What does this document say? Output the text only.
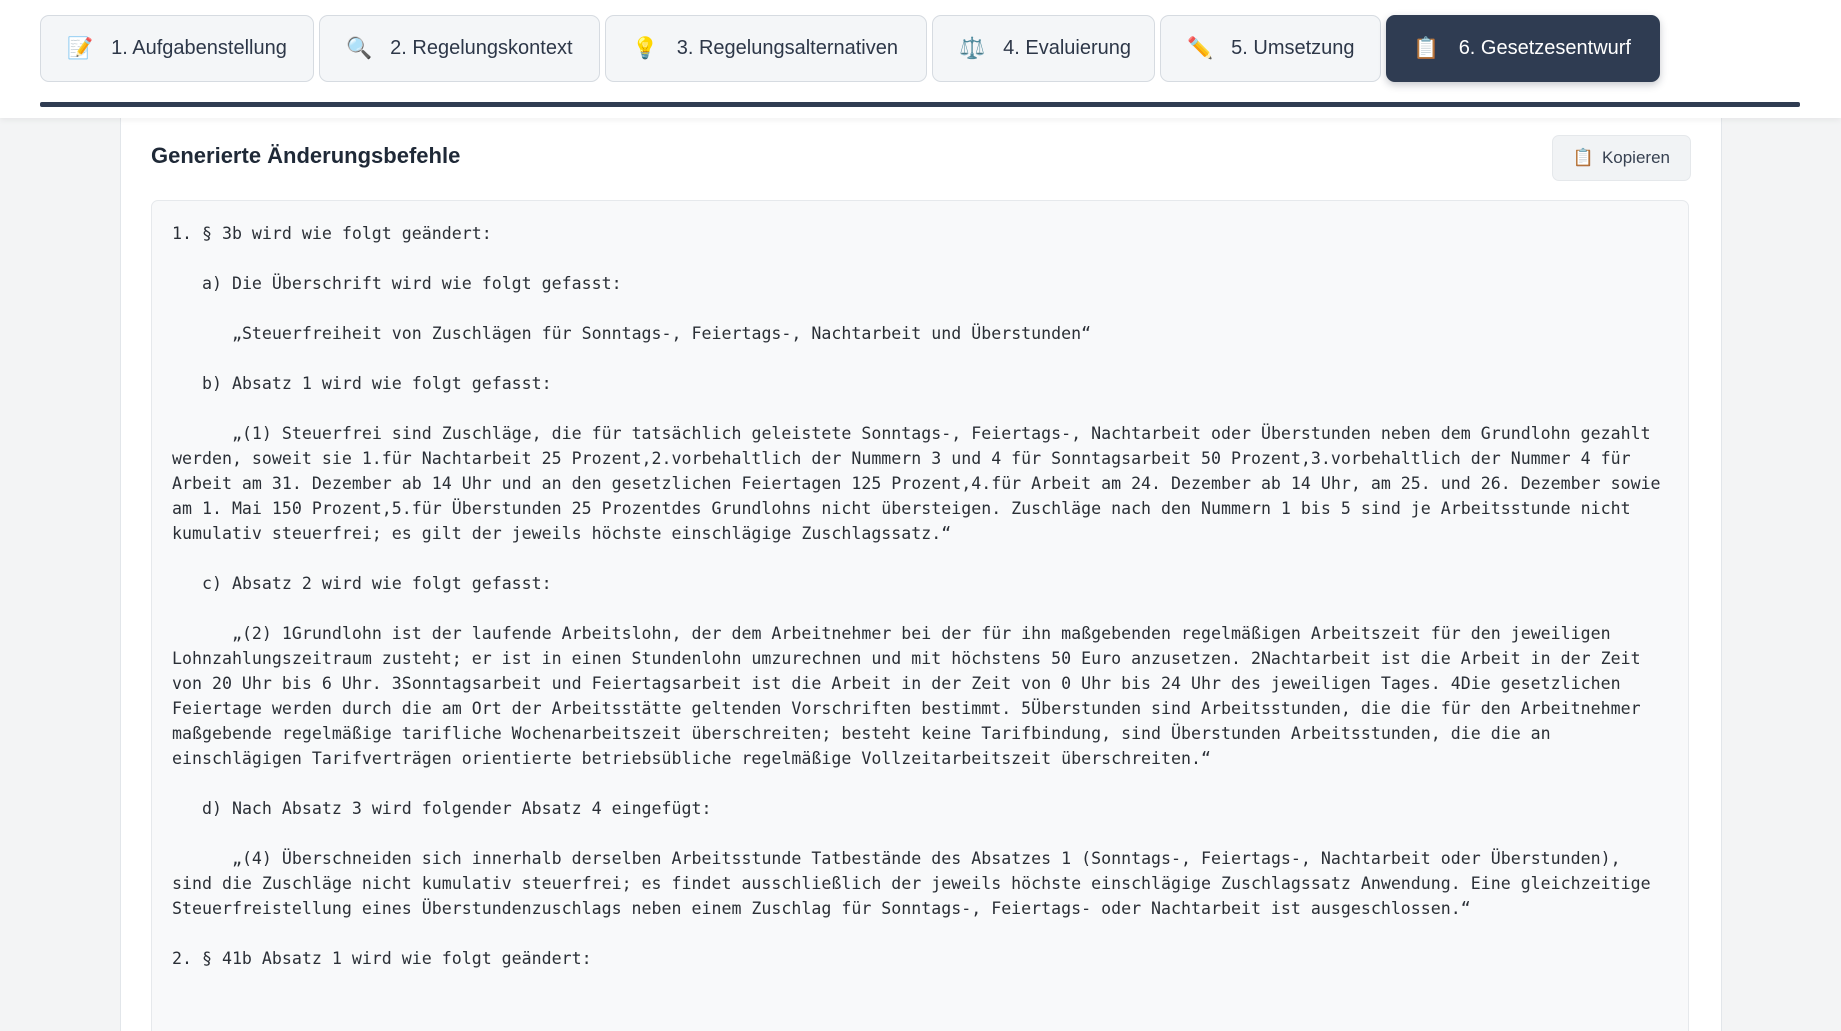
📝 1. Aufgabenstellung	🔍 2. Regelungskontext	💡 3. Regelungsalternativen	⚖️ 4. Evaluierung	✏️ 5. Umsetzung	📋 6. Gesetzesentwurf
Generierte Änderungsbefehle	📋 Kopieren
1. § 3b wird wie folgt geändert:

a) Die Überschrift wird wie folgt gefasst:

„Steuerfreiheit von Zuschlägen für Sonntags-, Feiertags-, Nachtarbeit und Überstunden“

b) Absatz 1 wird wie folgt gefasst:

„(1) Steuerfrei sind Zuschläge, die für tatsächlich geleistete Sonntags-, Feiertags-, Nachtarbeit oder Überstunden neben dem Grundlohn gezahlt werden, soweit sie 1.für Nachtarbeit 25 Prozent,2.vorbehaltlich der Nummern 3 und 4 für Sonntagsarbeit 50 Prozent,3.vorbehaltlich der Nummer 4 für Arbeit am 31. Dezember ab 14 Uhr und an den gesetzlichen Feiertagen 125 Prozent,4.für Arbeit am 24. Dezember ab 14 Uhr, am 25. und 26. Dezember sowie am 1. Mai 150 Prozent,5.für Überstunden 25 Prozentdes Grundlohns nicht übersteigen. Zuschläge nach den Nummern 1 bis 5 sind je Arbeitsstunde nicht kumulativ steuerfrei; es gilt der jeweils höchste einschlägige Zuschlagssatz.“

c) Absatz 2 wird wie folgt gefasst:

„(2) 1Grundlohn ist der laufende Arbeitslohn, der dem Arbeitnehmer bei der für ihn maßgebenden regelmäßigen Arbeitszeit für den jeweiligen Lohnzahlungszeitraum zusteht; er ist in einen Stundenlohn umzurechnen und mit höchstens 50 Euro anzusetzen. 2Nachtarbeit ist die Arbeit in der Zeit von 20 Uhr bis 6 Uhr. 3Sonntagsarbeit und Feiertagsarbeit ist die Arbeit in der Zeit von 0 Uhr bis 24 Uhr des jeweiligen Tages. 4Die gesetzlichen Feiertage werden durch die am Ort der Arbeitsstätte geltenden Vorschriften bestimmt. 5Überstunden sind Arbeitsstunden, die die für den Arbeitnehmer maßgebende regelmäßige tarifliche Wochenarbeitszeit überschreiten; besteht keine Tarifbindung, sind Überstunden Arbeitsstunden, die die an einschlägigen Tarifverträgen orientierte betriebsübliche regelmäßige Vollzeitarbeitszeit überschreiten.“

d) Nach Absatz 3 wird folgender Absatz 4 eingefügt:

„(4) Überschneiden sich innerhalb derselben Arbeitsstunde Tatbestände des Absatzes 1 (Sonntags-, Feiertags-, Nachtarbeit oder Überstunden), sind die Zuschläge nicht kumulativ steuerfrei; es findet ausschließlich der jeweils höchste einschlägige Zuschlagssatz Anwendung. Eine gleichzeitige Steuerfreistellung eines Überstundenzuschlags neben einem Zuschlag für Sonntags-, Feiertags- oder Nachtarbeit ist ausgeschlossen.“

2. § 41b Absatz 1 wird wie folgt geändert:
